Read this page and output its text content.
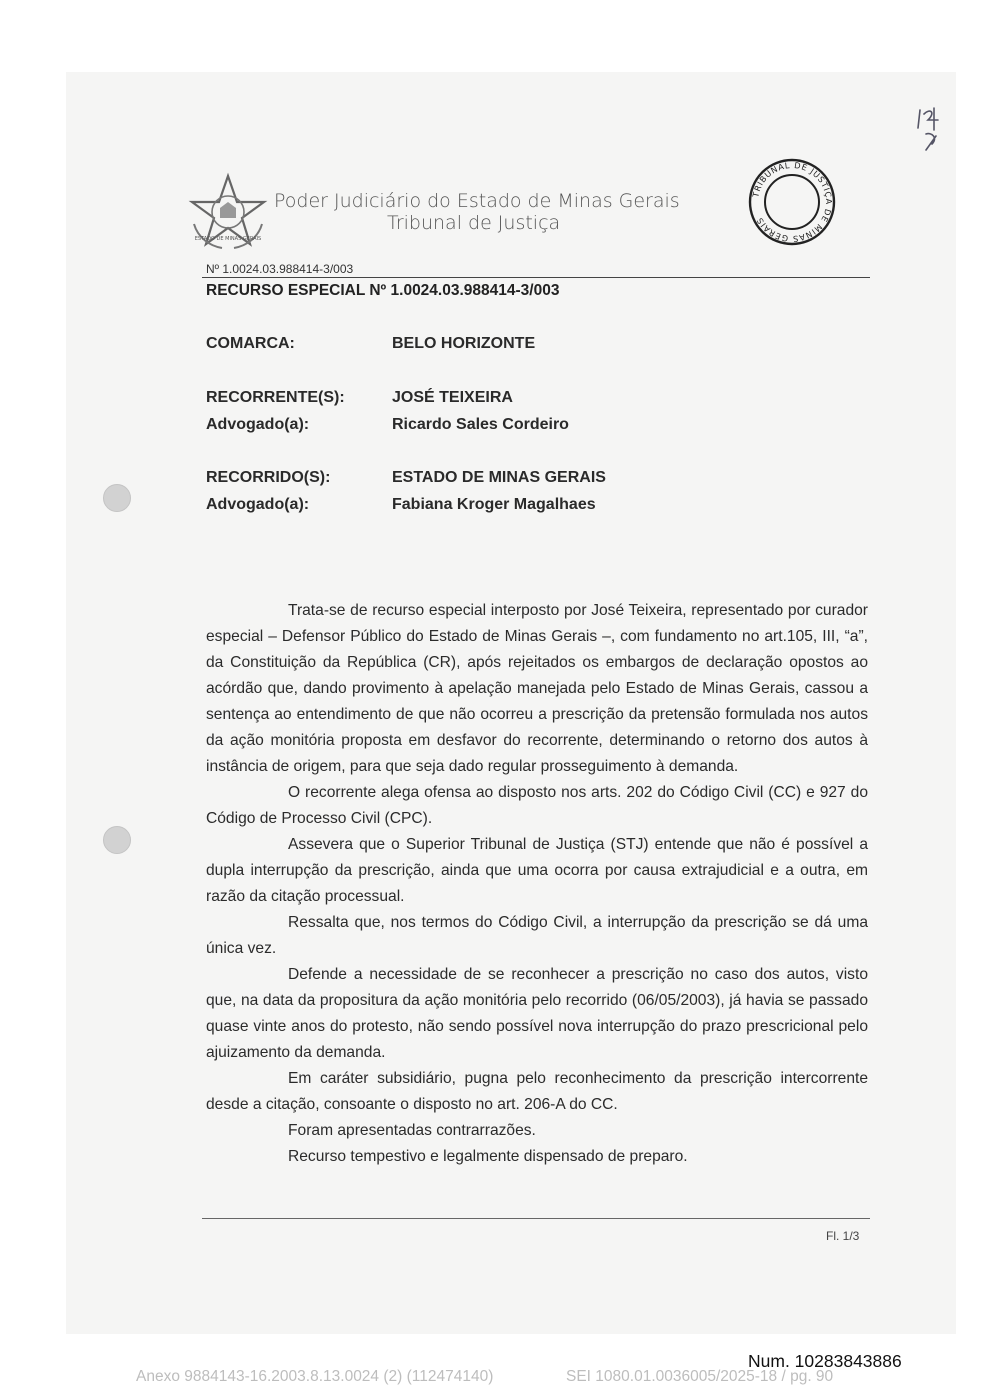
ESTADO DE MINAS GERAIS
Poder Judiciário do Estado de Minas Gerais
Tribunal de Justiça
TRIBUNAL DE JUSTIÇA DE MINAS GERAIS
Nº 1.0024.03.988414-3/003
RECURSO ESPECIAL Nº 1.0024.03.988414-3/003
COMARCA:	BELO HORIZONTE
RECORRENTE(S):	JOSÉ TEIXEIRA
Advogado(a):	Ricardo Sales Cordeiro
RECORRIDO(S):	ESTADO DE MINAS GERAIS
Advogado(a):	Fabiana Kroger Magalhaes

Trata-se de recurso especial interposto por José Teixeira, representado por curador especial – Defensor Público do Estado de Minas Gerais –, com fundamento no art.105, III, “a”, da Constituição da República (CR), após rejeitados os embargos de declaração opostos ao acórdão que, dando provimento à apelação manejada pelo Estado de Minas Gerais, cassou a sentença ao entendimento de que não ocorreu a prescrição da pretensão formulada nos autos da ação monitória proposta em desfavor do recorrente, determinando o retorno dos autos à instância de origem, para que seja dado regular prosseguimento à demanda.

O recorrente alega ofensa ao disposto nos arts. 202 do Código Civil (CC) e 927 do Código de Processo Civil (CPC).

Assevera que o Superior Tribunal de Justiça (STJ) entende que não é possível a dupla interrupção da prescrição, ainda que uma ocorra por causa extrajudicial e a outra, em razão da citação processual.

Ressalta que, nos termos do Código Civil, a interrupção da prescrição se dá uma única vez.

Defende a necessidade de se reconhecer a prescrição no caso dos autos, visto que, na data da propositura da ação monitória pelo recorrido (06/05/2003), já havia se passado quase vinte anos do protesto, não sendo possível nova interrupção do prazo prescricional pelo ajuizamento da demanda.

Em caráter subsidiário, pugna pelo reconhecimento da prescrição intercorrente desde a citação, consoante o disposto no art. 206-A do CC.

Foram apresentadas contrarrazões.

Recurso tempestivo e legalmente dispensado de preparo.

Fl. 1/3
Num. 10283843886
Anexo 9884143-16.2003.8.13.0024 (2) (112474140)	SEI 1080.01.0036005/2025-18 / pg. 90
